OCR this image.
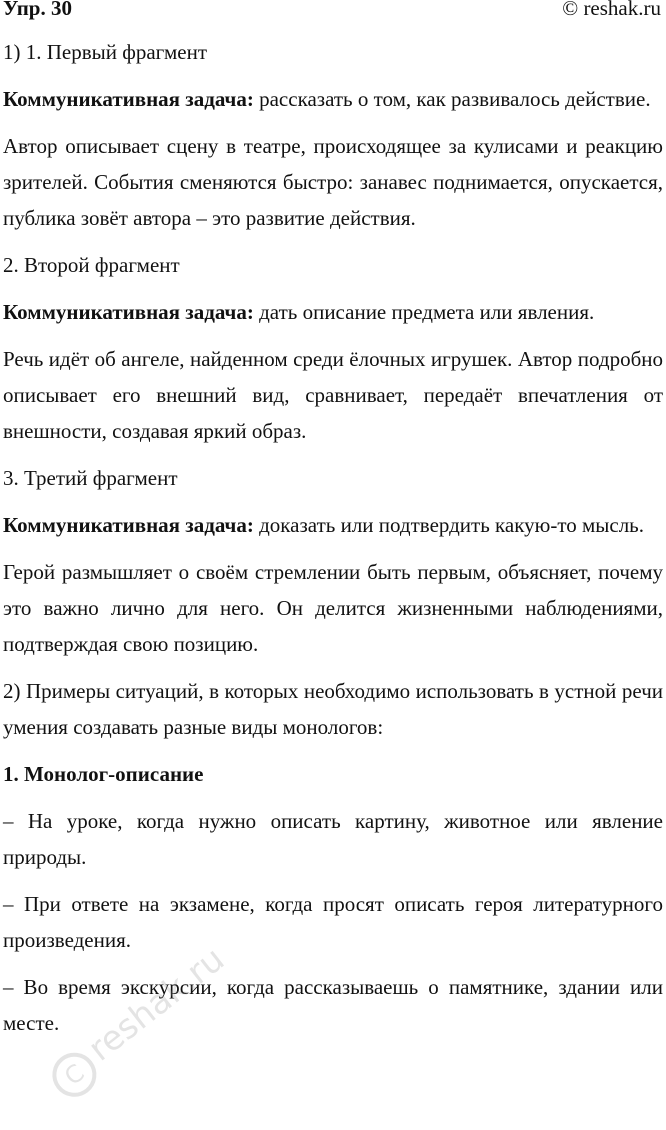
Упр. 30	© reshak.ru

1) 1. Первый фрагмент

Коммуникативная задача: рассказать о том, как развивалось действие.

Автор описывает сцену в театре, происходящее за кулисами и реакцию зрителей. События сменяются быстро: занавес поднимается, опускается, публика зовёт автора – это развитие действия.

2. Второй фрагмент

Коммуникативная задача: дать описание предмета или явления.

Речь идёт об ангеле, найденном среди ёлочных игрушек. Автор подробно описывает его внешний вид, сравнивает, передаёт впечатления от внешности, создавая яркий образ.

3. Третий фрагмент

Коммуникативная задача: доказать или подтвердить какую-то мысль.

Герой размышляет о своём стремлении быть первым, объясняет, почему это важно лично для него. Он делится жизненными наблюдениями, подтверждая свою позицию.

2) Примеры ситуаций, в которых необходимо использовать в устной речи умения создавать разные виды монологов:

1. Монолог-описание

– На уроке, когда нужно описать картину, животное или явление природы.

– При ответе на экзамене, когда просят описать героя литературного произведения.

– Во время экскурсии, когда рассказываешь о памятнике, здании или месте.

C
reshak.ru
